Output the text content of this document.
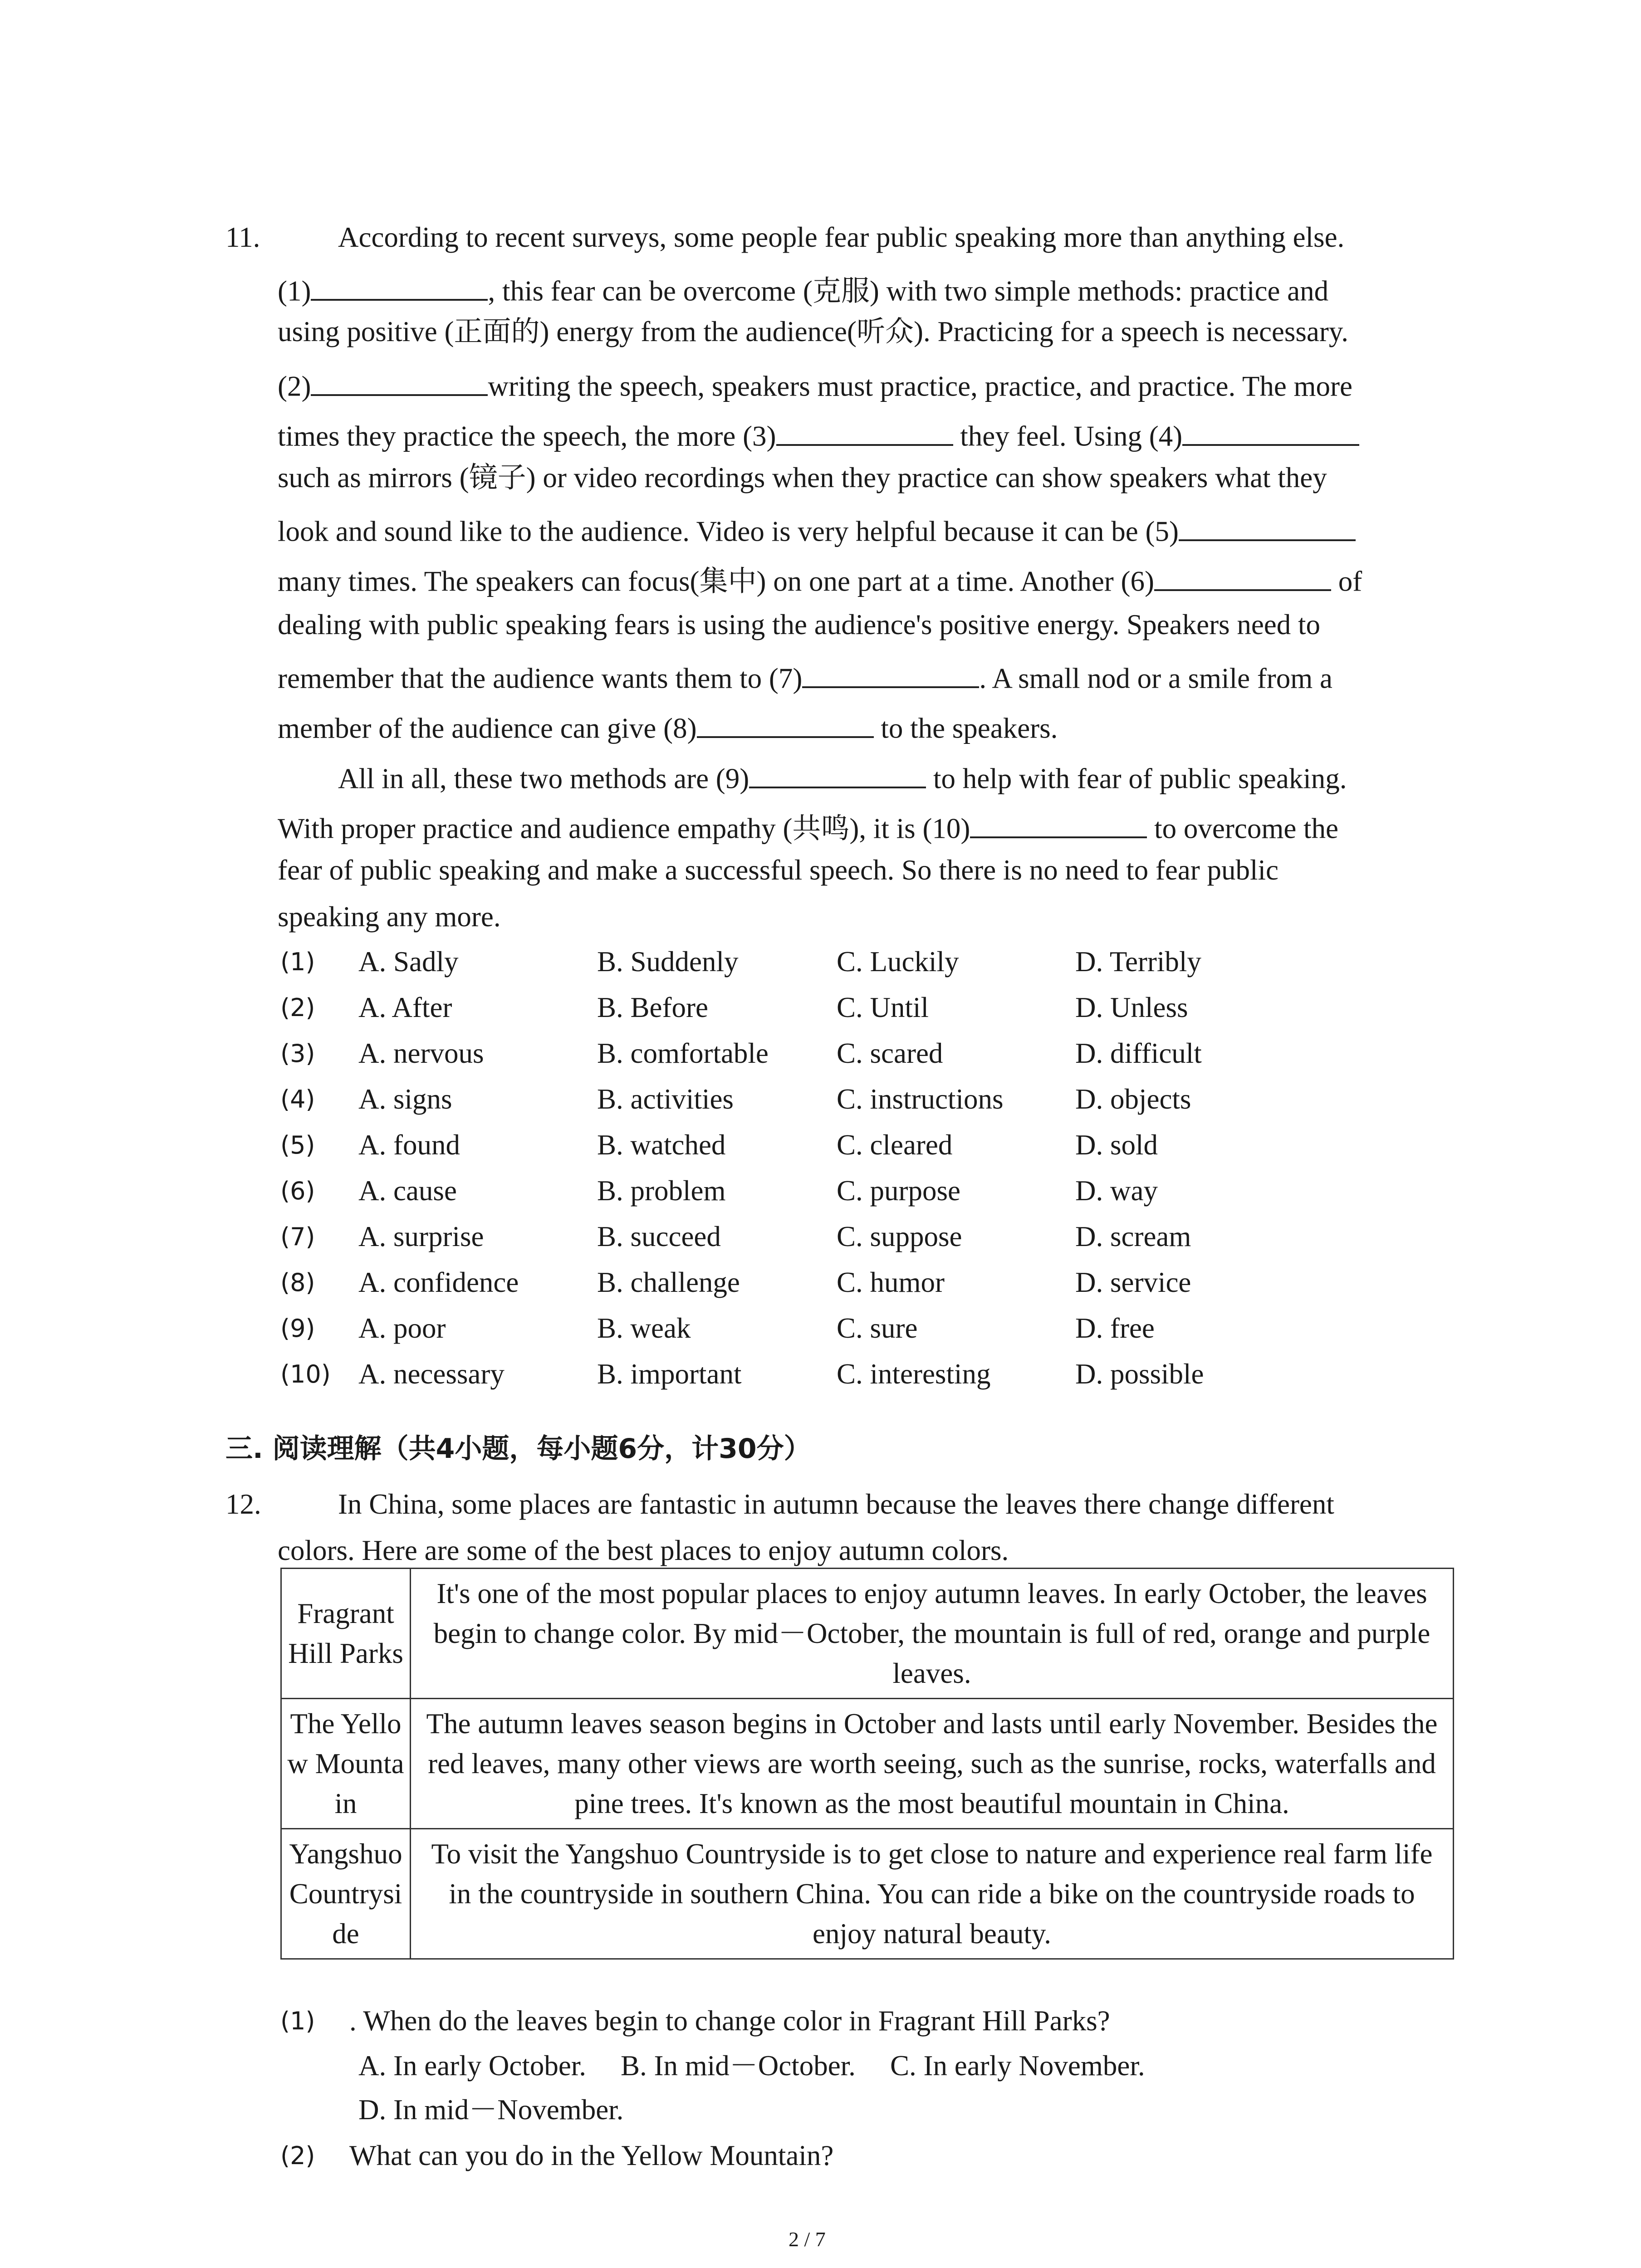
11.	According to recent surveys, some people fear public speaking more than anything else.
(1)	, this fear can be overcome (克服) with two simple methods: practice and
using positive (正面的) energy from the audience(听众). Practicing for a speech is necessary.
(2)	writing the speech, speakers must practice, practice, and practice. The more
times they practice the speech, the more (3)	they feel. Using (4)
such as mirrors (镜子) or video recordings when they practice can show speakers what they
look and sound like to the audience. Video is very helpful because it can be (5)
many times. The speakers can focus(集中) on one part at a time. Another (6)	of
dealing with public speaking fears is using the audience's positive energy. Speakers need to
remember that the audience wants them to (7)	. A small nod or a smile from a
member of the audience can give (8)	to the speakers.
All in all, these two methods are (9)	to help with fear of public speaking.
With proper practice and audience empathy (共鸣), it is (10)	to overcome the
fear of public speaking and make a successful speech. So there is no need to fear public
speaking any more.
(1) A. Sadly	B. Suddenly	C. Luckily	D. Terribly
(2) A. After	B. Before	C. Until	D. Unless
(3) A. nervous	B. comfortable C. scared	D. difficult
(4) A. signs	B. activities	C. instructions	D. objects
(5) A. found	B. watched	C. cleared	D. sold
(6) A. cause	B. problem	C. purpose	D. way
(7) A. surprise	B. succeed	C. suppose	D. scream
(8) A. confidence	B. challenge	C. humor	D. service
(9) A. poor	B. weak	C. sure	D. free
(10) A. necessary	B. important	C. interesting	D. possible
三. 阅读理解（共4小题，每小题6分，计30分）
12.	In China, some places are fantastic in autumn because the leaves there change different
colors. Here are some of the best places to enjoy autumn colors.
Fragrant Hill Parks	It's one of the most popular places to enjoy autumn leaves. In early October, the leaves begin to change color. By mid－October, the mountain is full of red, orange and purple leaves.
The Yellow Mountain	The autumn leaves season begins in October and lasts until early November. Besides the red leaves, many other views are worth seeing, such as the sunrise, rocks, waterfalls and pine trees. It's known as the most beautiful mountain in China.
Yangshuo Countryside	To visit the Yangshuo Countryside is to get close to nature and experience real farm life in the countryside in southern China. You can ride a bike on the countryside roads to enjoy natural beauty.
(1) . When do the leaves begin to change color in Fragrant Hill Parks?
A. In early October. B. In mid－October. C. In early November.
D. In mid－November.
(2) What can you do in the Yellow Mountain?
2 / 7
